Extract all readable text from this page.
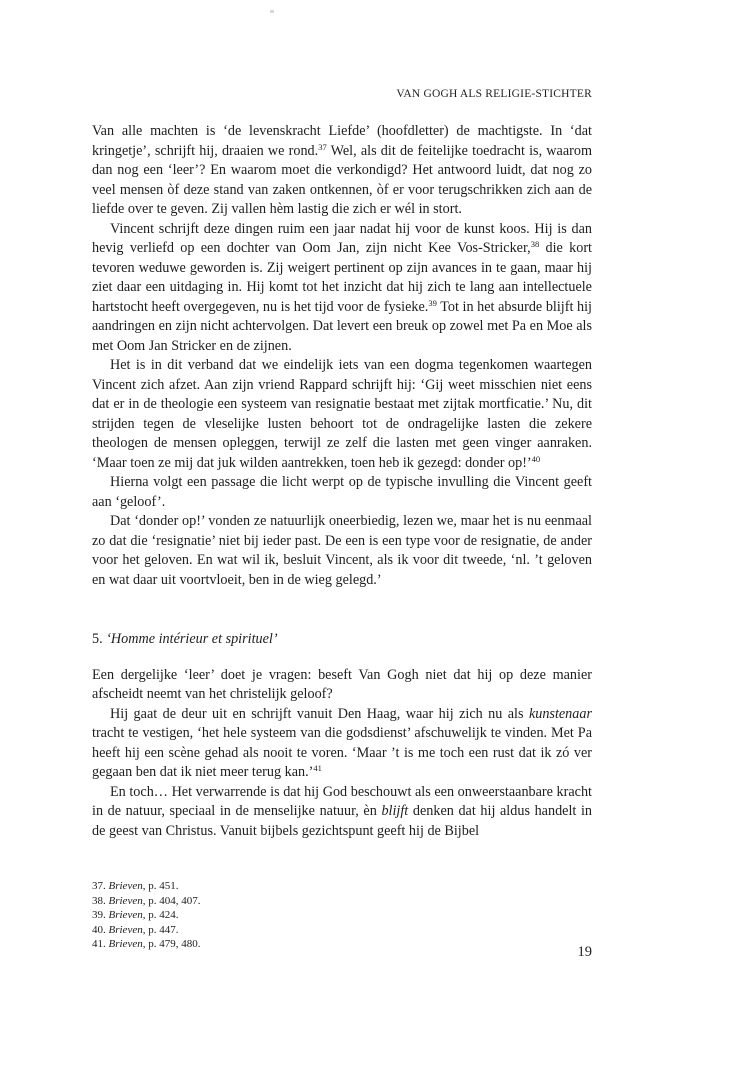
VAN GOGH ALS RELIGIE-STICHTER

Van alle machten is ‘de levenskracht Liefde’ (hoofdletter) de machtigste. In ‘dat kringetje’, schrijft hij, draaien we rond.$^{37}$ Wel, als dit de feitelijke toedracht is, waarom dan nog een ‘leer’? En waarom moet die verkondigd? Het antwoord luidt, dat nog zo veel mensen òf deze stand van zaken ontkennen, òf er voor terugschrikken zich aan de liefde over te geven. Zij vallen hèm lastig die zich er wél in stort.

Vincent schrijft deze dingen ruim een jaar nadat hij voor de kunst koos. Hij is dan hevig verliefd op een dochter van Oom Jan, zijn nicht Kee Vos-Stricker,$^{38}$ die kort tevoren weduwe geworden is. Zij weigert pertinent op zijn avances in te gaan, maar hij ziet daar een uitdaging in. Hij komt tot het inzicht dat hij zich te lang aan intellectuele hartstocht heeft overgegeven, nu is het tijd voor de fysieke.$^{39}$ Tot in het absurde blijft hij aandringen en zijn nicht achtervolgen. Dat levert een breuk op zowel met Pa en Moe als met Oom Jan Stricker en de zijnen.

Het is in dit verband dat we eindelijk iets van een dogma tegenkomen waartegen Vincent zich afzet. Aan zijn vriend Rappard schrijft hij: ‘Gij weet misschien niet eens dat er in de theologie een systeem van resignatie bestaat met zijtak mortficatie.’ Nu, dit strijden tegen de vleselijke lusten behoort tot de ondragelijke lasten die zekere theologen de mensen opleggen, terwijl ze zelf die lasten met geen vinger aanraken. ‘Maar toen ze mij dat juk wilden aantrekken, toen heb ik gezegd: donder op!’$^{40}$

Hierna volgt een passage die licht werpt op de typische invulling die Vincent geeft aan ‘geloof’.

Dat ‘donder op!’ vonden ze natuurlijk oneerbiedig, lezen we, maar het is nu eenmaal zo dat die ‘resignatie’ niet bij ieder past. De een is een type voor de resignatie, de ander voor het geloven. En wat wil ik, besluit Vincent, als ik voor dit tweede, ‘nl. ’t geloven en wat daar uit voortvloeit, ben in de wieg gelegd.’

5. ‘Homme intérieur et spirituel’

Een dergelijke ‘leer’ doet je vragen: beseft Van Gogh niet dat hij op deze manier afscheidt neemt van het christelijk geloof?

Hij gaat de deur uit en schrijft vanuit Den Haag, waar hij zich nu als kunstenaar tracht te vestigen, ‘het hele systeem van die godsdienst’ afschuwelijk te vinden. Met Pa heeft hij een scène gehad als nooit te voren. ‘Maar ’t is me toch een rust dat ik zó ver gegaan ben dat ik niet meer terug kan.’$^{41}$

En toch… Het verwarrende is dat hij God beschouwt als een onweerstaanbare kracht in de natuur, speciaal in de menselijke natuur, èn blijft denken dat hij aldus handelt in de geest van Christus. Vanuit bijbels gezichtspunt geeft hij de Bijbel

37. Brieven, p. 451.
38. Brieven, p. 404, 407.
39. Brieven, p. 424.
40. Brieven, p. 447.
41. Brieven, p. 479, 480.	19
